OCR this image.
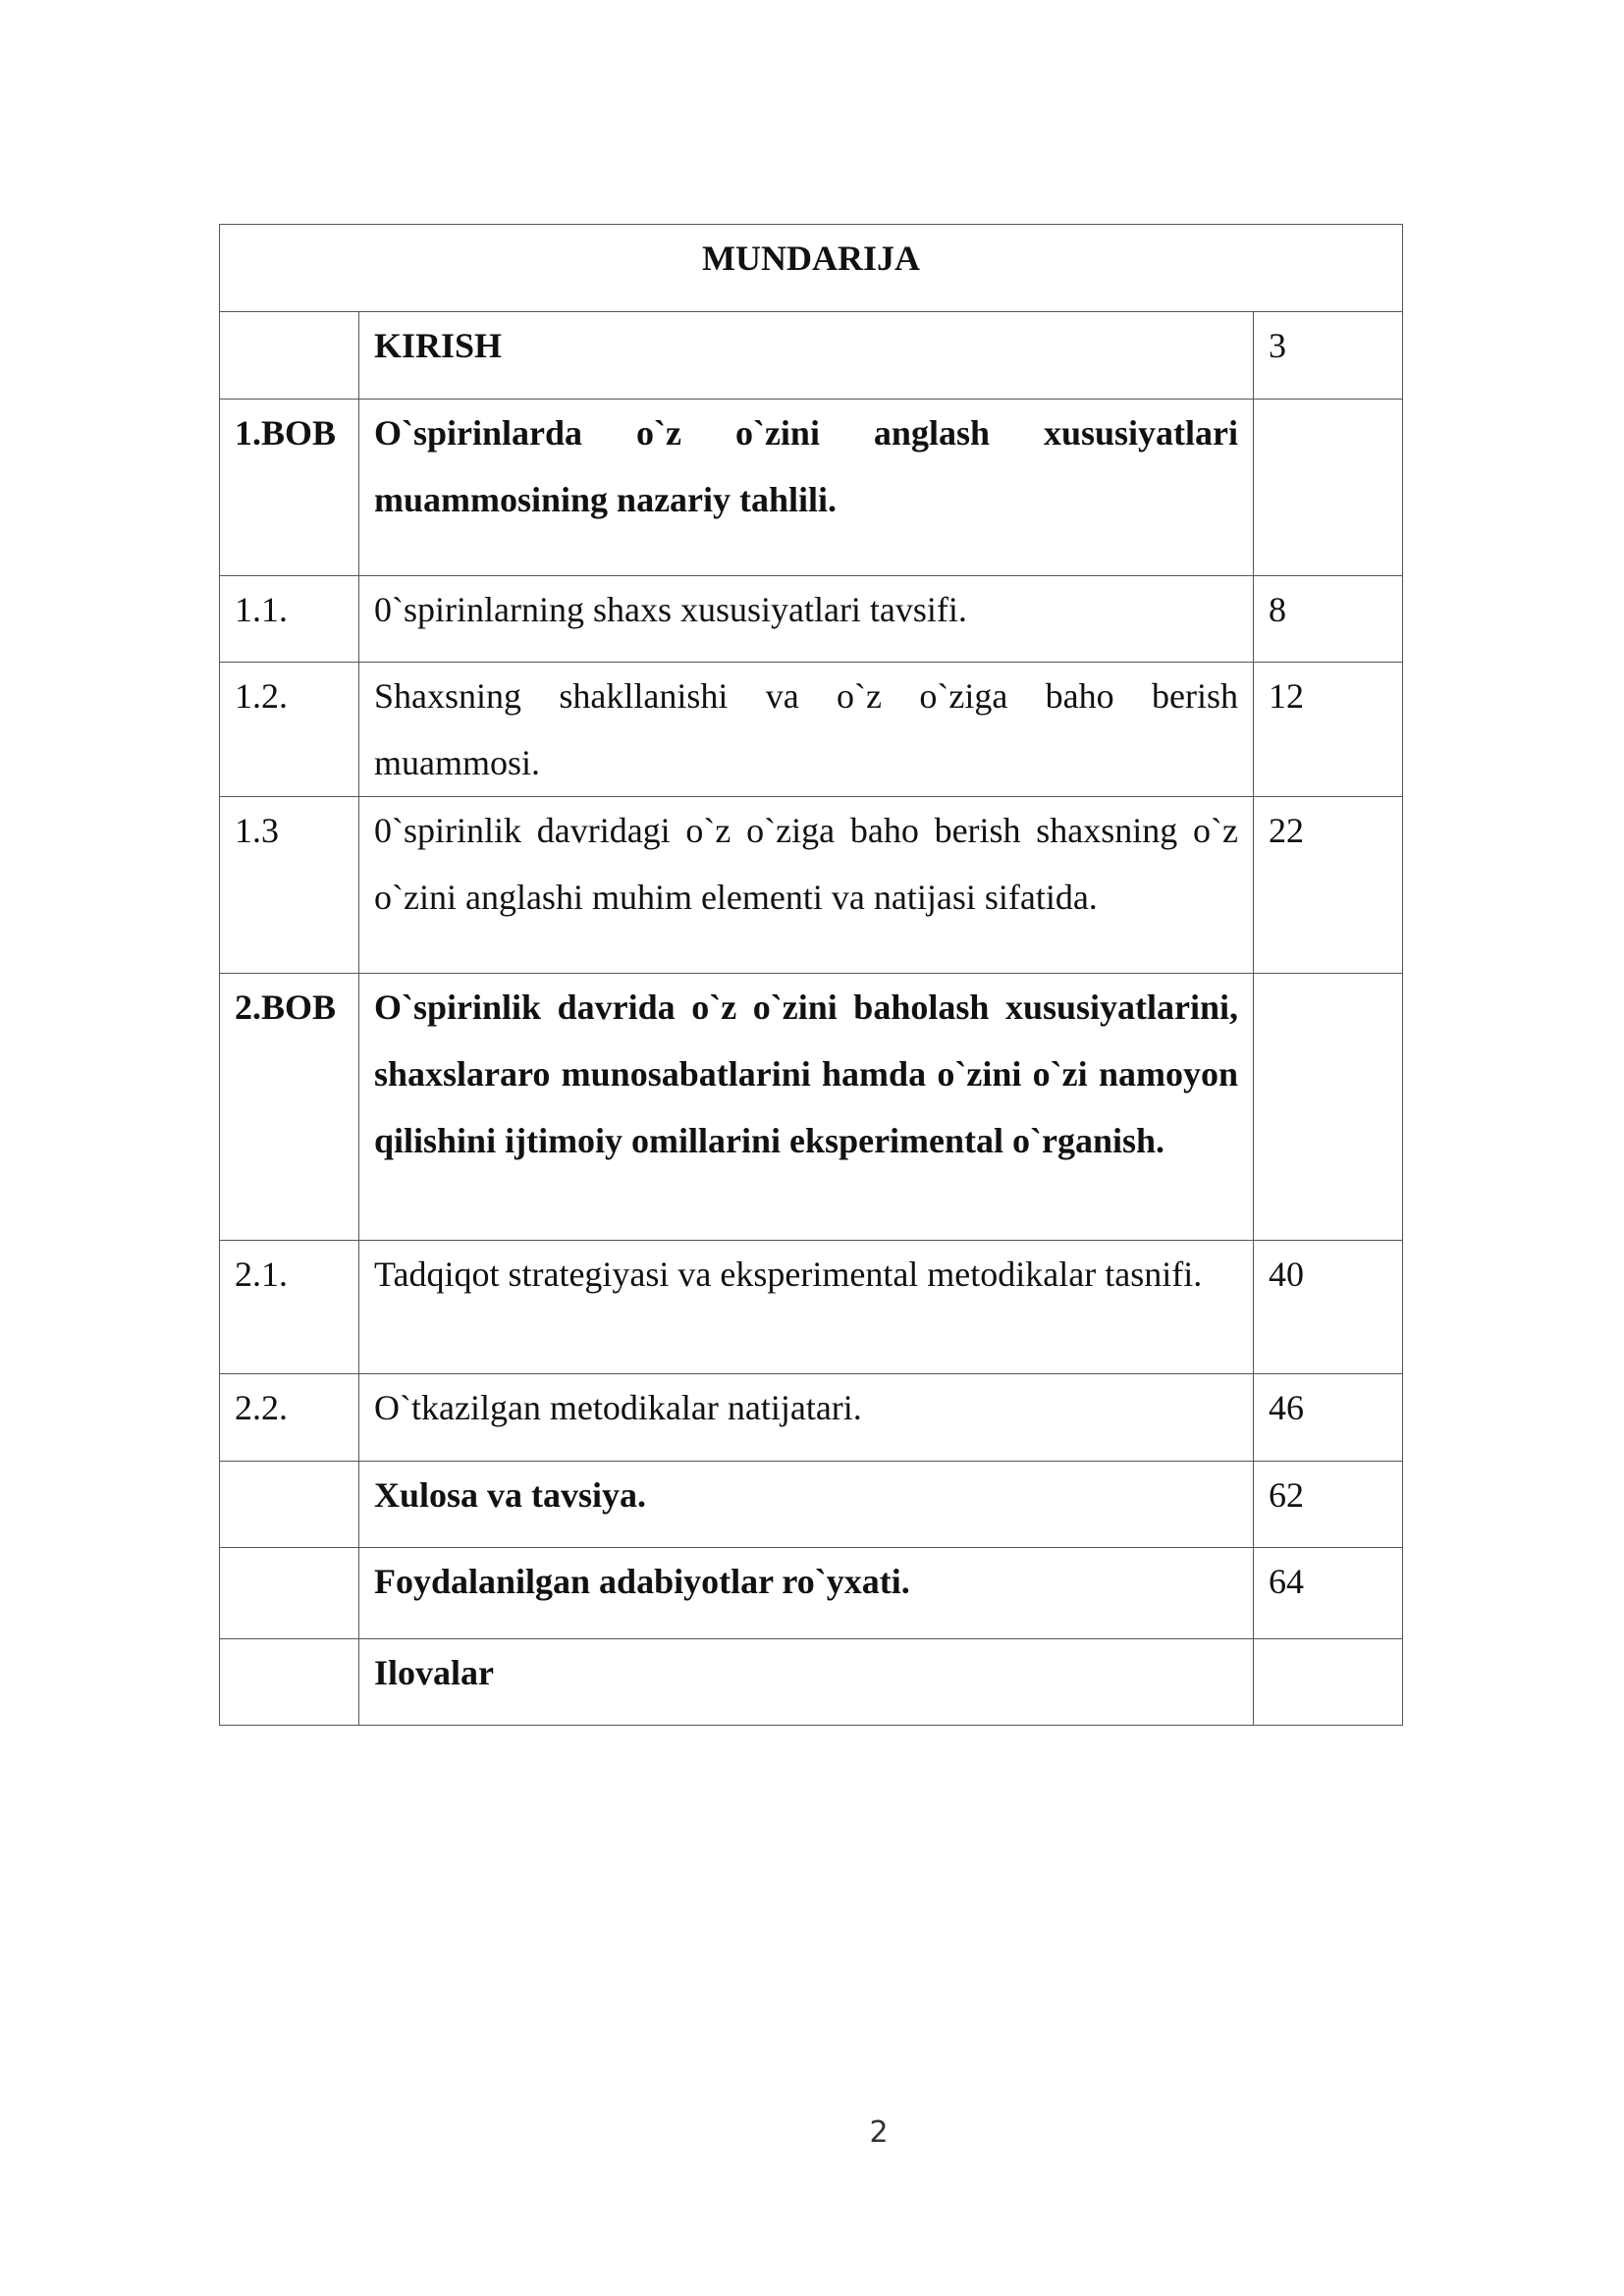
MUNDARIJA		
	KIRISH	3
1.BOB	O`spirinlarda o`z o`zini anglash xususiyatlari muammosining nazariy tahlili.	
1.1.	0`spirinlarning shaxs xususiyatlari tavsifi.	8
1.2.	Shaxsning shakllanishi va o`z o`ziga baho berish muammosi.	12
1.3	0`spirinlik davridagi o`z o`ziga baho berish shaxsning o`z o`zini anglashi muhim elementi va natijasi sifatida.	22
2.BOB	O`spirinlik davrida o`z o`zini baholash xususiyatlarini, shaxslararo munosabatlarini hamda o`zini o`zi namoyon qilishini ijtimoiy omillarini eksperimental o`rganish.	
2.1.	Tadqiqot strategiyasi va eksperimental metodikalar tasnifi.	40
2.2.	O`tkazilgan metodikalar natijatari.	46
	Xulosa va tavsiya.	62
	Foydalanilgan adabiyotlar ro`yxati.	64
	Ilovalar	
2
